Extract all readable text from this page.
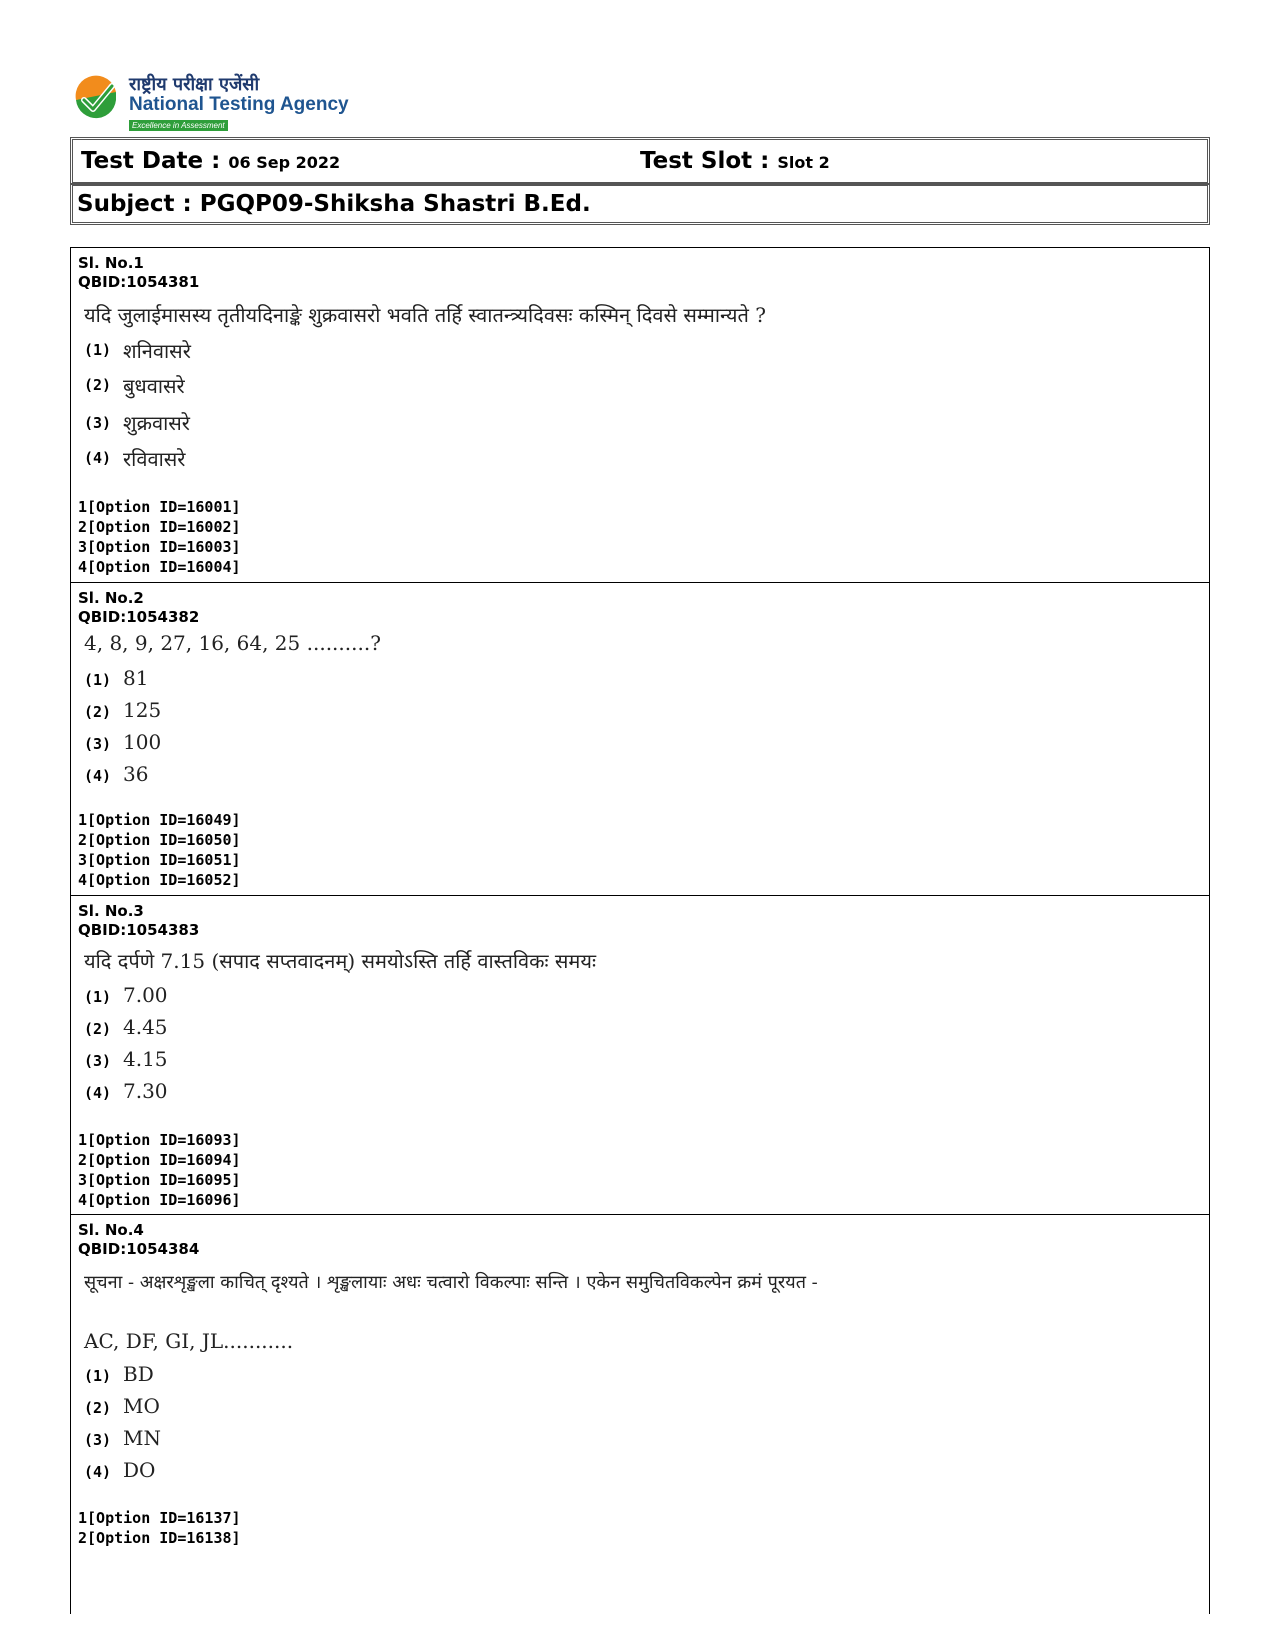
राष्ट्रीय परीक्षा एजेंसी
National Testing Agency
Excellence in Assessment
Test Date : 06 Sep 2022	Test Slot : Slot 2
Subject : PGQP09-Shiksha Shastri B.Ed.
Sl. No.1
QBID:1054381
यदि जुलाईमासस्य तृतीयदिनाङ्के शुक्रवासरो भवति तर्हि स्वातन्त्र्यदिवसः कस्मिन् दिवसे सम्मान्यते ?
(1) शनिवासरे
(2) बुधवासरे
(3) शुक्रवासरे
(4) रविवासरे
1[Option ID=16001]
2[Option ID=16002]
3[Option ID=16003]
4[Option ID=16004]
Sl. No.2
QBID:1054382
4, 8, 9, 27, 16, 64, 25 ..........?
(1) 81
(2) 125
(3) 100
(4) 36
1[Option ID=16049]
2[Option ID=16050]
3[Option ID=16051]
4[Option ID=16052]
Sl. No.3
QBID:1054383
यदि दर्पणे 7.15 (सपाद सप्तवादनम्) समयोऽस्ति तर्हि वास्तविकः समयः
(1) 7.00
(2) 4.45
(3) 4.15
(4) 7.30
1[Option ID=16093]
2[Option ID=16094]
3[Option ID=16095]
4[Option ID=16096]
Sl. No.4
QBID:1054384
सूचना - अक्षरशृङ्खला काचित् दृश्यते । शृङ्खलायाः अधः चत्वारो विकल्पाः सन्ति । एकेन समुचितविकल्पेन क्रमं पूरयत -
AC, DF, GI, JL...........
(1) BD
(2) MO
(3) MN
(4) DO
1[Option ID=16137]
2[Option ID=16138]
